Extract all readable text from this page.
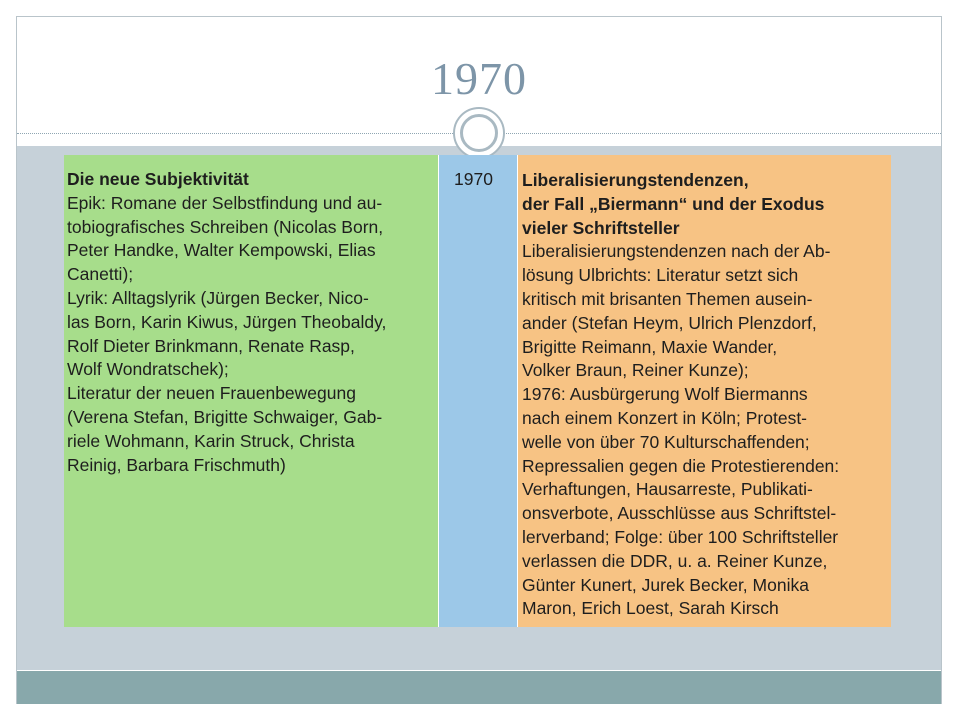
1970

Die neue Subjektivität

Epik: Romane der Selbstfindung und au-

tobiografisches Schreiben (Nicolas Born,

Peter Handke, Walter Kempowski, Elias

Canetti);

Lyrik: Alltagslyrik (Jürgen Becker, Nico-

las Born, Karin Kiwus, Jürgen Theobaldy,

Rolf Dieter Brinkmann, Renate Rasp,

Wolf Wondratschek);

Literatur der neuen Frauenbewegung

(Verena Stefan, Brigitte Schwaiger, Gab-

riele Wohmann, Karin Struck, Christa

Reinig, Barbara Frischmuth)

1970	Liberalisierungstendenzen,

der Fall „Biermann“ und der Exodus

vieler Schriftsteller

Liberalisierungstendenzen nach der Ab-

lösung Ulbrichts: Literatur setzt sich

kritisch mit brisanten Themen ausein-

ander (Stefan Heym, Ulrich Plenzdorf,

Brigitte Reimann, Maxie Wander,

Volker Braun, Reiner Kunze);

1976: Ausbürgerung Wolf Biermanns

nach einem Konzert in Köln; Protest-

welle von über 70 Kulturschaffenden;

Repressalien gegen die Protestierenden:

Verhaftungen, Hausarreste, Publikati-

onsverbote, Ausschlüsse aus Schriftstel-

lerverband; Folge: über 100 Schriftsteller

verlassen die DDR, u. a. Reiner Kunze,

Günter Kunert, Jurek Becker, Monika

Maron, Erich Loest, Sarah Kirsch
